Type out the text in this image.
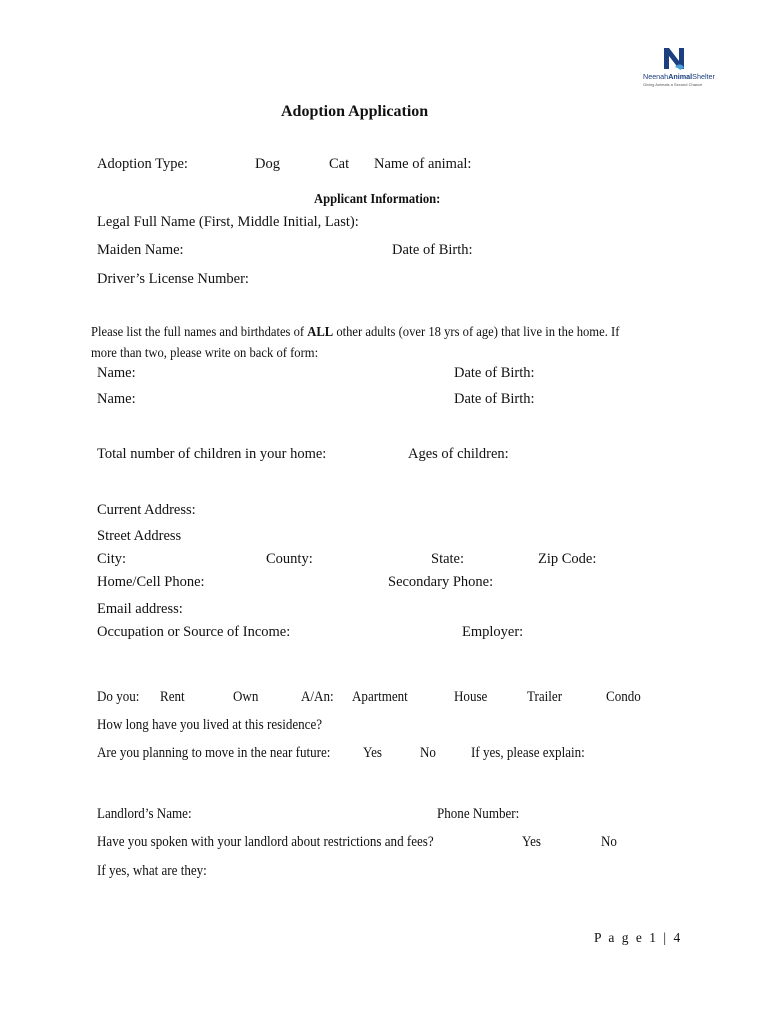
NeenahAnimalShelter
Giving Animals a Second Chance
Adoption Application
Adoption Type:	Dog	Cat Name of animal:
Applicant Information:
Legal Full Name (First, Middle Initial, Last):
Maiden Name:	Date of Birth:
Driver’s License Number:
Please list the full names and birthdates of ALL other adults (over 18 yrs of age) that live in the home. If
more than two, please write on back of form:
Name:	Date of Birth:
Name:	Date of Birth:
Total number of children in your home:	Ages of children:
Current Address:
Street Address
City:	County:	State:	Zip Code:
Home/Cell Phone:	Secondary Phone:
Email address:
Occupation or Source of Income:	Employer:
Do you: Rent	Own	A/An: Apartment	House	Trailer	Condo
How long have you lived at this residence?
Are you planning to move in the near future: Yes	No If yes, please explain:
Landlord’s Name:	Phone Number:
Have you spoken with your landlord about restrictions and fees?	Yes	No
If yes, what are they:
P a g e 1 | 4
